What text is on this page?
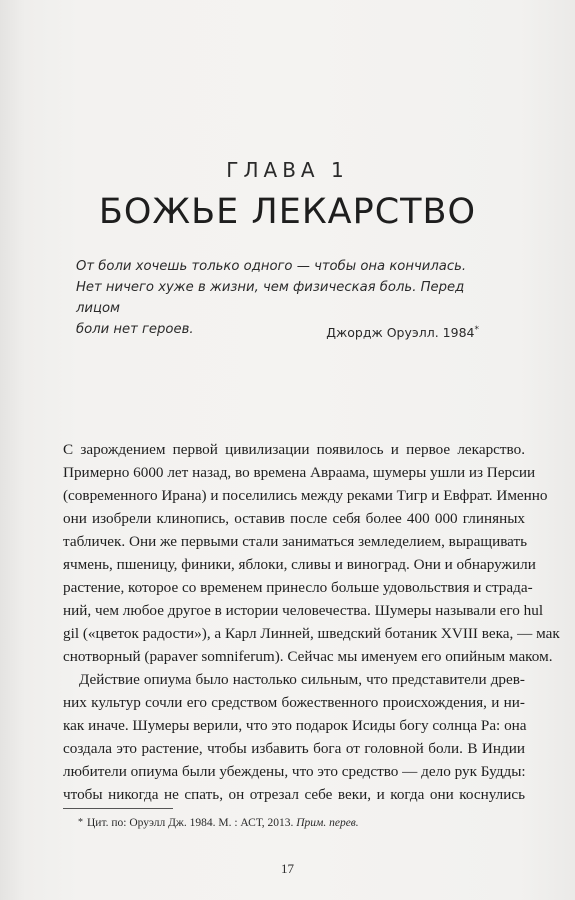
ГЛАВА 1
БОЖЬЕ ЛЕКАРСТВО

От боли хочешь только одного — чтобы она кончилась.
Нет ничего хуже в жизни, чем физическая боль. Перед лицом
боли нет героев.	Джордж Оруэлл. 1984*
С зарождением первой цивилизации появилось и первое лекарство.
Примерно 6000 лет назад, во времена Авраама, шумеры ушли из Персии
(современного Ирана) и поселились между реками Тигр и Евфрат. Именно
они изобрели клинопись, оставив после себя более 400 000 глиняных
табличек. Они же первыми стали заниматься земледелием, выращивать
ячмень, пшеницу, финики, яблоки, сливы и виноград. Они и обнаружили
растение, которое со временем принесло больше удовольствия и страда-
ний, чем любое другое в истории человечества. Шумеры называли его hul
gil («цветок радости»), а Карл Линней, шведский ботаник XVIII века, — мак
снотворный (papaver somniferum). Сейчас мы именуем его опийным маком.
Действие опиума было настолько сильным, что представители древ-
них культур сочли его средством божественного происхождения, и ни-
как иначе. Шумеры верили, что это подарок Исиды богу солнца Ра: она
создала это растение, чтобы избавить бога от головной боли. В Индии
любители опиума были убеждены, что это средство — дело рук Будды:
чтобы никогда не спать, он отрезал себе веки, и когда они коснулись
* Цит. по: Оруэлл Дж. 1984. М. : АСТ, 2013. Прим. перев.
17
